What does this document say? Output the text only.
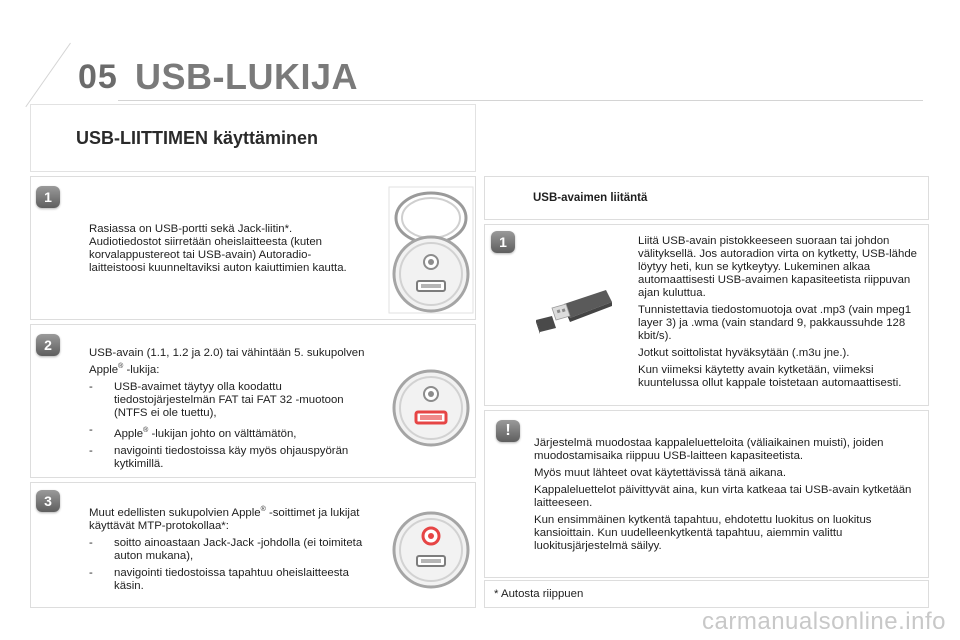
05 USB-LUKIJA
USB-LIITTIMEN käyttäminen
1

Rasiassa on USB-portti sekä Jack-liitin*. Audiotiedostot siirretään oheislaitteesta (kuten korvalappustereot tai USB-avain) Autoradio-laitteistoosi kuunneltaviksi auton kaiuttimien kautta.

2	USB-avain (1.1, 1.2 ja 2.0) tai vähintään 5. sukupolven Apple® -lukija:

- USB-avaimet täytyy olla koodattu tiedostojärjestelmän FAT tai FAT 32 -muotoon (NTFS ei ole tuettu),
- Apple® -lukijan johto on välttämätön,
- navigointi tiedostoissa käy myös ohjauspyörän kytkimillä.
3

Muut edellisten sukupolvien Apple® -soittimet ja lukijat käyttävät MTP-protokollaa*:

- soitto ainoastaan Jack-Jack -johdolla (ei toimiteta auton mukana),
- navigointi tiedostoissa tapahtuu oheislaitteesta käsin.
USB-avaimen liitäntä
1	Liitä USB-avain pistokkeeseen suoraan tai johdon välityksellä. Jos autoradion virta on kytketty, USB-lähde löytyy heti, kun se kytkeytyy. Lukeminen alkaa automaattisesti USB-avaimen kapasiteetista riippuvan ajan kuluttua.

Tunnistettavia tiedostomuotoja ovat .mp3 (vain mpeg1 layer 3) ja .wma (vain standard 9, pakkaussuhde 128 kbit/s).

Jotkut soittolistat hyväksytään (.m3u jne.).

Kun viimeksi käytetty avain kytketään, viimeksi kuuntelussa ollut kappale toistetaan automaattisesti.

!

Järjestelmä muodostaa kappaleluetteloita (väliaikainen muisti), joiden muodostamisaika riippuu USB-laitteen kapasiteetista.

Myös muut lähteet ovat käytettävissä tänä aikana.

Kappaleluettelot päivittyvät aina, kun virta katkeaa tai USB-avain kytketään laitteeseen.

Kun ensimmäinen kytkentä tapahtuu, ehdotettu luokitus on luokitus kansioittain. Kun uudelleenkytkentä tapahtuu, aiemmin valittu luokitusjärjestelmä säilyy.

* Autosta riippuen
carmanualsonline.info
